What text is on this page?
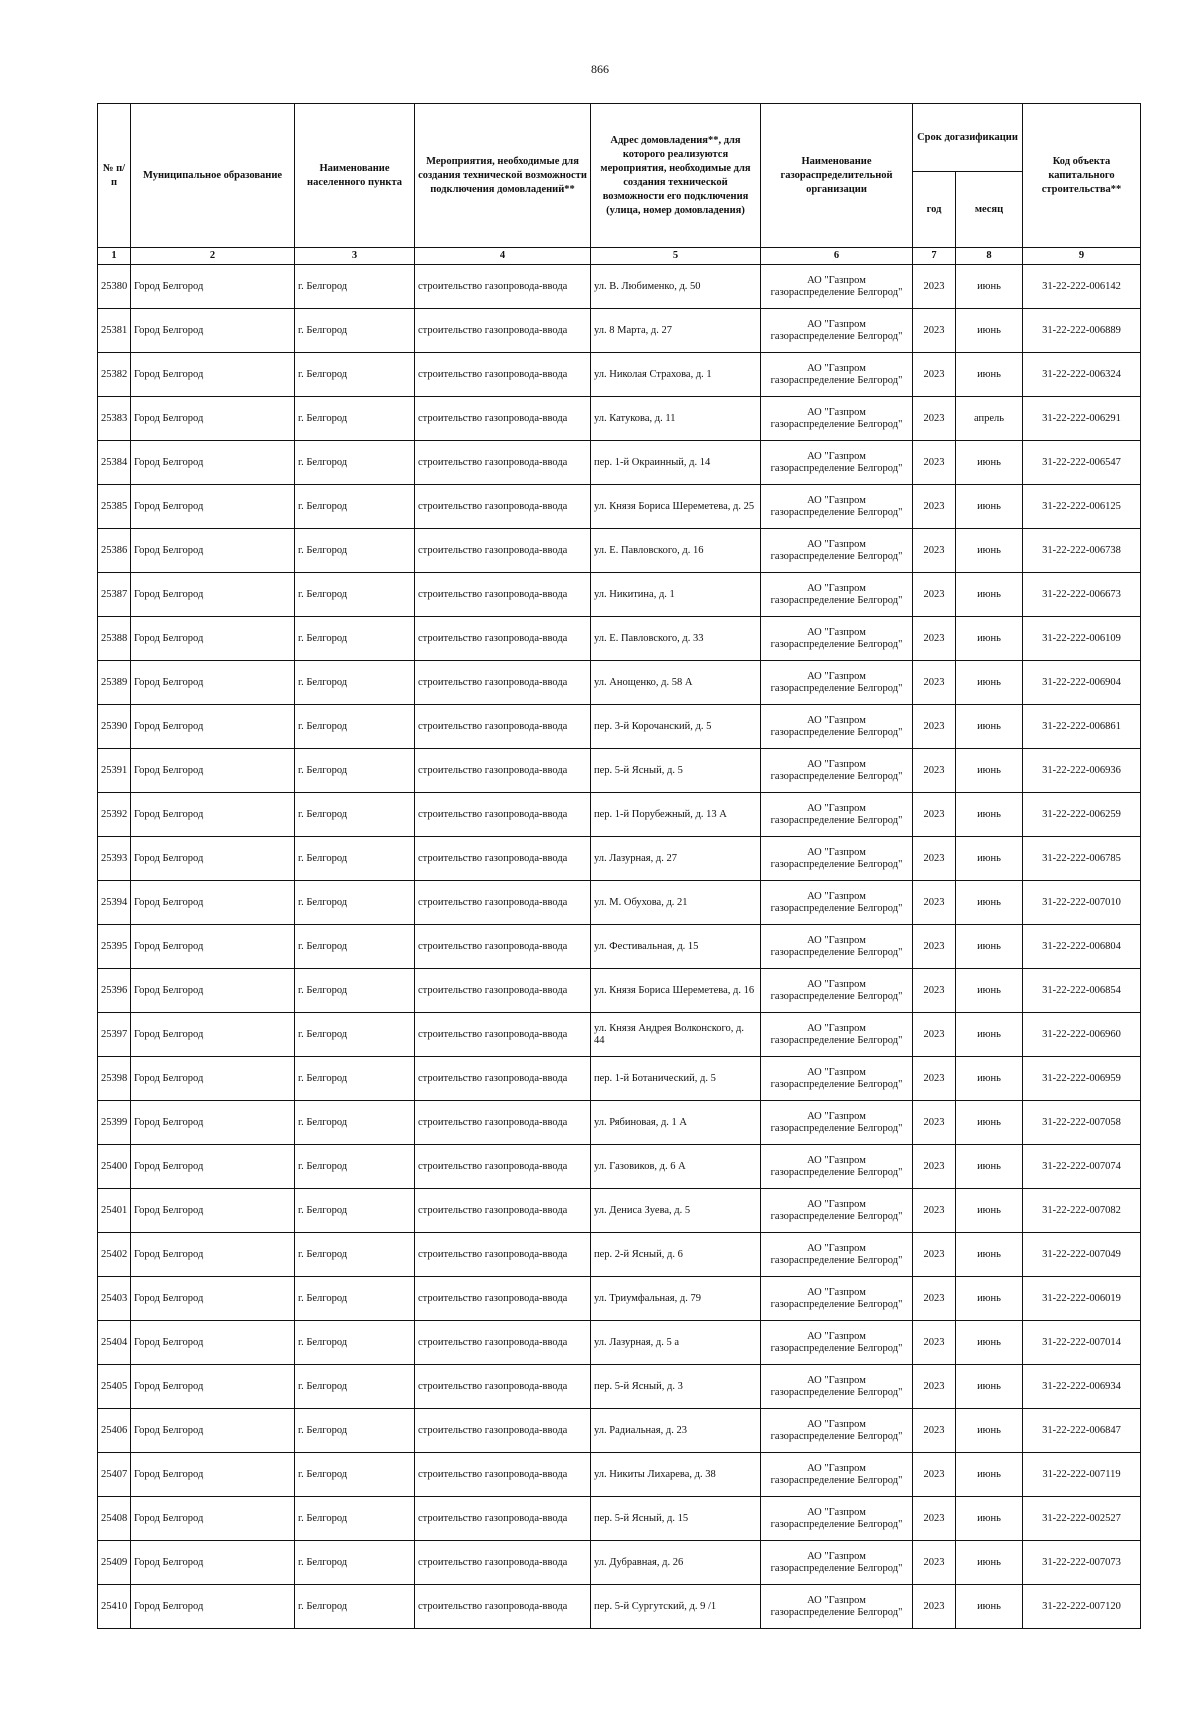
866
№ п/п	Муниципальное образование	Наименование населенного пункта	Мероприятия, необходимые для создания технической возможности подключения домовладений**	Адрес домовладения**, для которого реализуются мероприятия, необходимые для создания технической возможности его подключения (улица, номер домовладения)	Наименование газораспределительной организации	Срок догазификации		Код объекта капитального строительства**
						год	месяц	
1	2	3	4	5	6	7	8	9
25380	Город Белгород	г. Белгород	строительство газопровода-ввода	ул. В. Любименко, д. 50	АО "Газпром газораспределение Белгород"	2023	июнь	31-22-222-006142
25381	Город Белгород	г. Белгород	строительство газопровода-ввода	ул. 8 Марта, д. 27	АО "Газпром газораспределение Белгород"	2023	июнь	31-22-222-006889
25382	Город Белгород	г. Белгород	строительство газопровода-ввода	ул. Николая Страхова, д. 1	АО "Газпром газораспределение Белгород"	2023	июнь	31-22-222-006324
25383	Город Белгород	г. Белгород	строительство газопровода-ввода	ул. Катукова, д. 11	АО "Газпром газораспределение Белгород"	2023	апрель	31-22-222-006291
25384	Город Белгород	г. Белгород	строительство газопровода-ввода	пер. 1-й Окраинный, д. 14	АО "Газпром газораспределение Белгород"	2023	июнь	31-22-222-006547
25385	Город Белгород	г. Белгород	строительство газопровода-ввода	ул. Князя Бориса Шереметева, д. 25	АО "Газпром газораспределение Белгород"	2023	июнь	31-22-222-006125
25386	Город Белгород	г. Белгород	строительство газопровода-ввода	ул. Е. Павловского, д. 16	АО "Газпром газораспределение Белгород"	2023	июнь	31-22-222-006738
25387	Город Белгород	г. Белгород	строительство газопровода-ввода	ул. Никитина, д. 1	АО "Газпром газораспределение Белгород"	2023	июнь	31-22-222-006673
25388	Город Белгород	г. Белгород	строительство газопровода-ввода	ул. Е. Павловского, д. 33	АО "Газпром газораспределение Белгород"	2023	июнь	31-22-222-006109
25389	Город Белгород	г. Белгород	строительство газопровода-ввода	ул. Анощенко, д. 58 А	АО "Газпром газораспределение Белгород"	2023	июнь	31-22-222-006904
25390	Город Белгород	г. Белгород	строительство газопровода-ввода	пер. 3-й Корочанский, д. 5	АО "Газпром газораспределение Белгород"	2023	июнь	31-22-222-006861
25391	Город Белгород	г. Белгород	строительство газопровода-ввода	пер. 5-й Ясный, д. 5	АО "Газпром газораспределение Белгород"	2023	июнь	31-22-222-006936
25392	Город Белгород	г. Белгород	строительство газопровода-ввода	пер. 1-й Порубежный, д. 13 А	АО "Газпром газораспределение Белгород"	2023	июнь	31-22-222-006259
25393	Город Белгород	г. Белгород	строительство газопровода-ввода	ул. Лазурная, д. 27	АО "Газпром газораспределение Белгород"	2023	июнь	31-22-222-006785
25394	Город Белгород	г. Белгород	строительство газопровода-ввода	ул. М. Обухова, д. 21	АО "Газпром газораспределение Белгород"	2023	июнь	31-22-222-007010
25395	Город Белгород	г. Белгород	строительство газопровода-ввода	ул. Фестивальная, д. 15	АО "Газпром газораспределение Белгород"	2023	июнь	31-22-222-006804
25396	Город Белгород	г. Белгород	строительство газопровода-ввода	ул. Князя Бориса Шереметева, д. 16	АО "Газпром газораспределение Белгород"	2023	июнь	31-22-222-006854
25397	Город Белгород	г. Белгород	строительство газопровода-ввода	ул. Князя Андрея Волконского, д. 44	АО "Газпром газораспределение Белгород"	2023	июнь	31-22-222-006960
25398	Город Белгород	г. Белгород	строительство газопровода-ввода	пер. 1-й Ботанический, д. 5	АО "Газпром газораспределение Белгород"	2023	июнь	31-22-222-006959
25399	Город Белгород	г. Белгород	строительство газопровода-ввода	ул. Рябиновая, д. 1 А	АО "Газпром газораспределение Белгород"	2023	июнь	31-22-222-007058
25400	Город Белгород	г. Белгород	строительство газопровода-ввода	ул. Газовиков, д. 6 А	АО "Газпром газораспределение Белгород"	2023	июнь	31-22-222-007074
25401	Город Белгород	г. Белгород	строительство газопровода-ввода	ул. Дениса Зуева, д. 5	АО "Газпром газораспределение Белгород"	2023	июнь	31-22-222-007082
25402	Город Белгород	г. Белгород	строительство газопровода-ввода	пер. 2-й Ясный, д. 6	АО "Газпром газораспределение Белгород"	2023	июнь	31-22-222-007049
25403	Город Белгород	г. Белгород	строительство газопровода-ввода	ул. Триумфальная, д. 79	АО "Газпром газораспределение Белгород"	2023	июнь	31-22-222-006019
25404	Город Белгород	г. Белгород	строительство газопровода-ввода	ул. Лазурная, д. 5 а	АО "Газпром газораспределение Белгород"	2023	июнь	31-22-222-007014
25405	Город Белгород	г. Белгород	строительство газопровода-ввода	пер. 5-й Ясный, д. 3	АО "Газпром газораспределение Белгород"	2023	июнь	31-22-222-006934
25406	Город Белгород	г. Белгород	строительство газопровода-ввода	ул. Радиальная, д. 23	АО "Газпром газораспределение Белгород"	2023	июнь	31-22-222-006847
25407	Город Белгород	г. Белгород	строительство газопровода-ввода	ул. Никиты Лихарева, д. 38	АО "Газпром газораспределение Белгород"	2023	июнь	31-22-222-007119
25408	Город Белгород	г. Белгород	строительство газопровода-ввода	пер. 5-й Ясный, д. 15	АО "Газпром газораспределение Белгород"	2023	июнь	31-22-222-002527
25409	Город Белгород	г. Белгород	строительство газопровода-ввода	ул. Дубравная, д. 26	АО "Газпром газораспределение Белгород"	2023	июнь	31-22-222-007073
25410	Город Белгород	г. Белгород	строительство газопровода-ввода	пер. 5-й Сургутский, д. 9 /1	АО "Газпром газораспределение Белгород"	2023	июнь	31-22-222-007120
